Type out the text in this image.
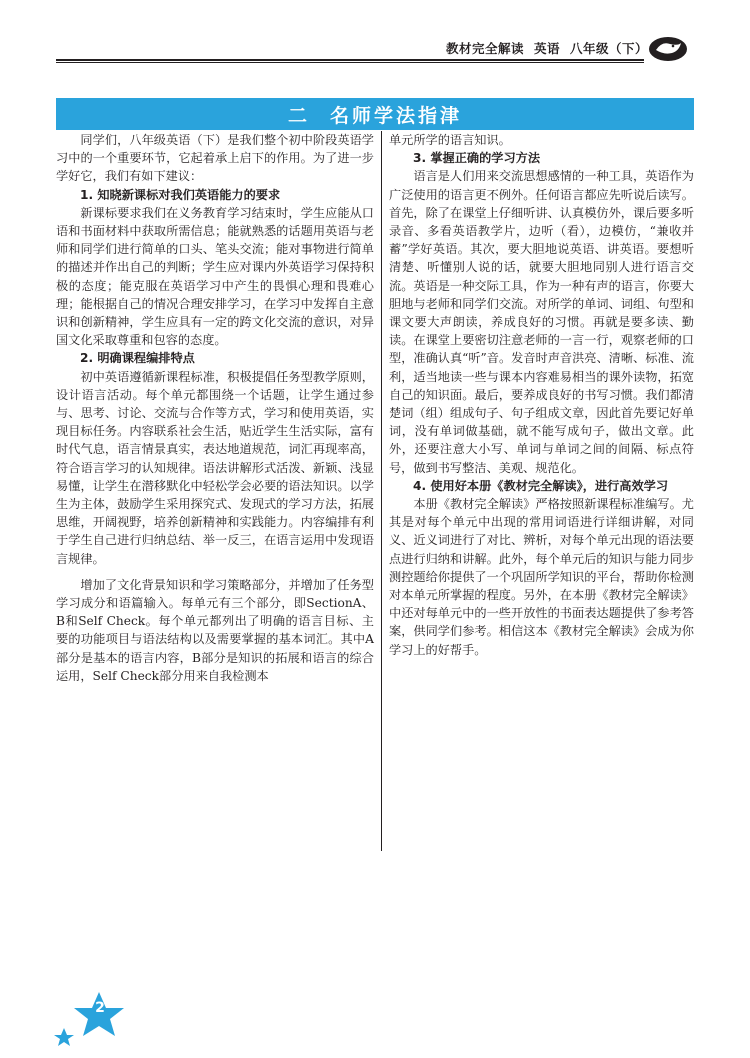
教材完全解读 英语 八年级（下）
二 名师学法指津

同学们，八年级英语（下）是我们整个初中阶段英语学习中的一个重要环节，它起着承上启下的作用。为了进一步学好它，我们有如下建议：

1. 知晓新课标对我们英语能力的要求

新课标要求我们在义务教育学习结束时，学生应能从口语和书面材料中获取所需信息；能就熟悉的话题用英语与老师和同学们进行简单的口头、笔头交流；能对事物进行简单的描述并作出自己的判断；学生应对课内外英语学习保持积极的态度；能克服在英语学习中产生的畏惧心理和畏难心理；能根据自己的情况合理安排学习，在学习中发挥自主意识和创新精神，学生应具有一定的跨文化交流的意识，对异国文化采取尊重和包容的态度。

2. 明确课程编排特点

初中英语遵循新课程标准，积极提倡任务型教学原则，设计语言活动。每个单元都围绕一个话题，让学生通过参与、思考、讨论、交流与合作等方式，学习和使用英语，实现目标任务。内容联系社会生活，贴近学生生活实际，富有时代气息，语言情景真实，表达地道规范，词汇再现率高，符合语言学习的认知规律。语法讲解形式活泼、新颖、浅显易懂，让学生在潜移默化中轻松学会必要的语法知识。以学生为主体，鼓励学生采用探究式、发现式的学习方法，拓展思维，开阔视野，培养创新精神和实践能力。内容编排有利于学生自己进行归纳总结、举一反三，在语言运用中发现语言规律。

增加了文化背景知识和学习策略部分，并增加了任务型学习成分和语篇输入。每单元有三个部分，即SectionA、B和Self Check。每个单元都列出了明确的语言目标、主要的功能项目与语法结构以及需要掌握的基本词汇。其中A部分是基本的语言内容，B部分是知识的拓展和语言的综合运用，Self Check部分用来自我检测本

单元所学的语言知识。

3. 掌握正确的学习方法

语言是人们用来交流思想感情的一种工具，英语作为广泛使用的语言更不例外。任何语言都应先听说后读写。首先，除了在课堂上仔细听讲、认真模仿外，课后要多听录音、多看英语教学片，边听（看），边模仿，“兼收并蓄”学好英语。其次，要大胆地说英语、讲英语。要想听清楚、听懂别人说的话，就要大胆地同别人进行语言交流。英语是一种交际工具，作为一种有声的语言，你要大胆地与老师和同学们交流。对所学的单词、词组、句型和课文要大声朗读，养成良好的习惯。再就是要多读、勤读。在课堂上要密切注意老师的一言一行，观察老师的口型，准确认真“听”音。发音时声音洪亮、清晰、标准、流利，适当地读一些与课本内容难易相当的课外读物，拓宽自己的知识面。最后，要养成良好的书写习惯。我们都清楚词（组）组成句子、句子组成文章，因此首先要记好单词，没有单词做基础，就不能写成句子，做出文章。此外，还要注意大小写、单词与单词之间的间隔、标点符号，做到书写整洁、美观、规范化。

4. 使用好本册《教材完全解读》，进行高效学习

本册《教材完全解读》严格按照新课程标准编写。尤其是对每个单元中出现的常用词语进行详细讲解，对同义、近义词进行了对比、辨析，对每个单元出现的语法要点进行归纳和讲解。此外，每个单元后的知识与能力同步测控题给你提供了一个巩固所学知识的平台，帮助你检测对本单元所掌握的程度。另外，在本册《教材完全解读》中还对每单元中的一些开放性的书面表达题提供了参考答案，供同学们参考。相信这本《教材完全解读》会成为你学习上的好帮手。

2
